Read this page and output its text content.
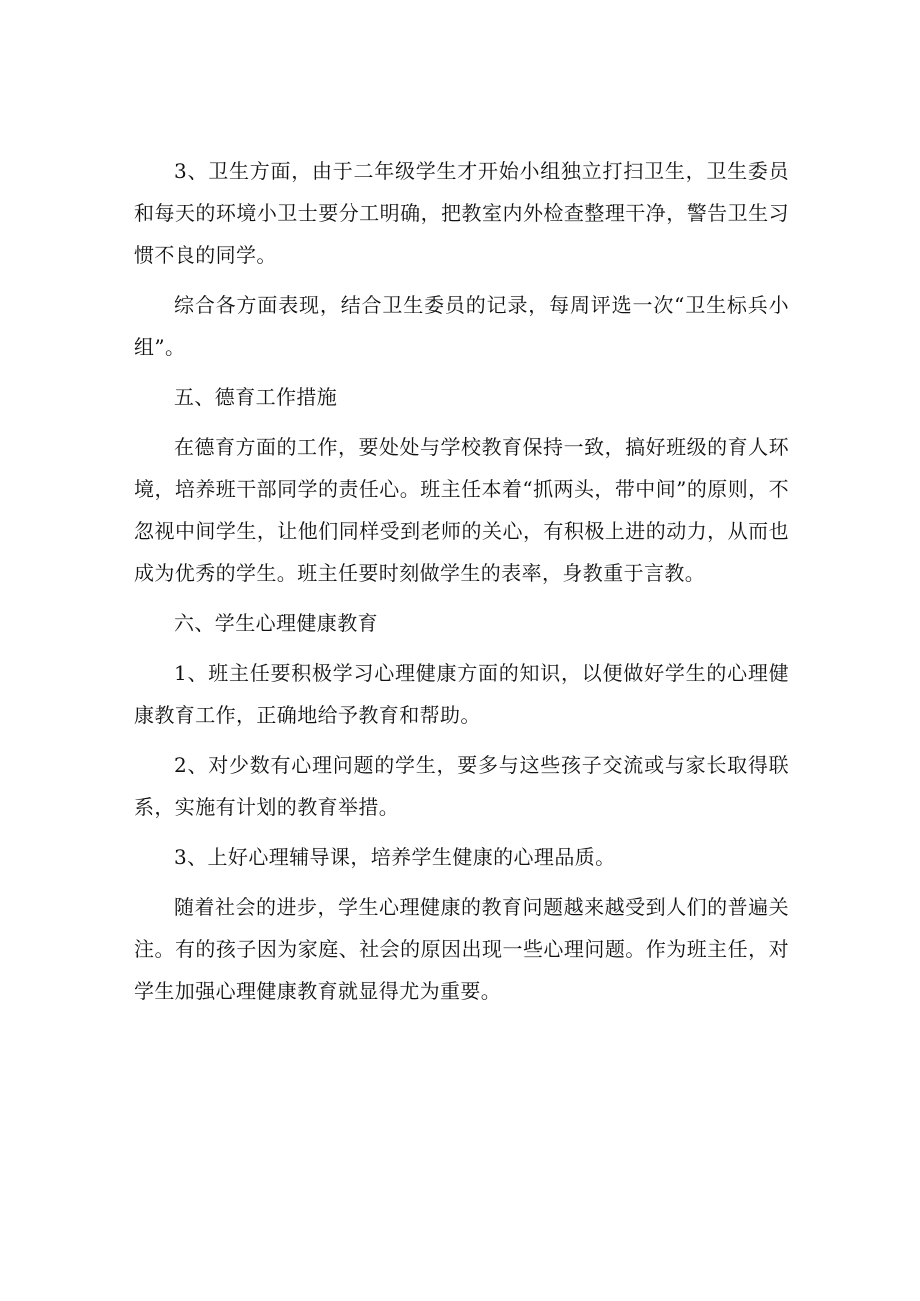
3、卫生方面，由于二年级学生才开始小组独立打扫卫生，卫生委员和每天的环境小卫士要分工明确，把教室内外检查整理干净，警告卫生习惯不良的同学。

综合各方面表现，结合卫生委员的记录，每周评选一次“卫生标兵小组”。

五、德育工作措施

在德育方面的工作，要处处与学校教育保持一致，搞好班级的育人环境，培养班干部同学的责任心。班主任本着“抓两头，带中间”的原则，不忽视中间学生，让他们同样受到老师的关心，有积极上进的动力，从而也成为优秀的学生。班主任要时刻做学生的表率，身教重于言教。

六、学生心理健康教育

1、班主任要积极学习心理健康方面的知识，以便做好学生的心理健康教育工作，正确地给予教育和帮助。

2、对少数有心理问题的学生，要多与这些孩子交流或与家长取得联系，实施有计划的教育举措。

3、上好心理辅导课，培养学生健康的心理品质。

随着社会的进步，学生心理健康的教育问题越来越受到人们的普遍关注。有的孩子因为家庭、社会的原因出现一些心理问题。作为班主任，对学生加强心理健康教育就显得尤为重要。
